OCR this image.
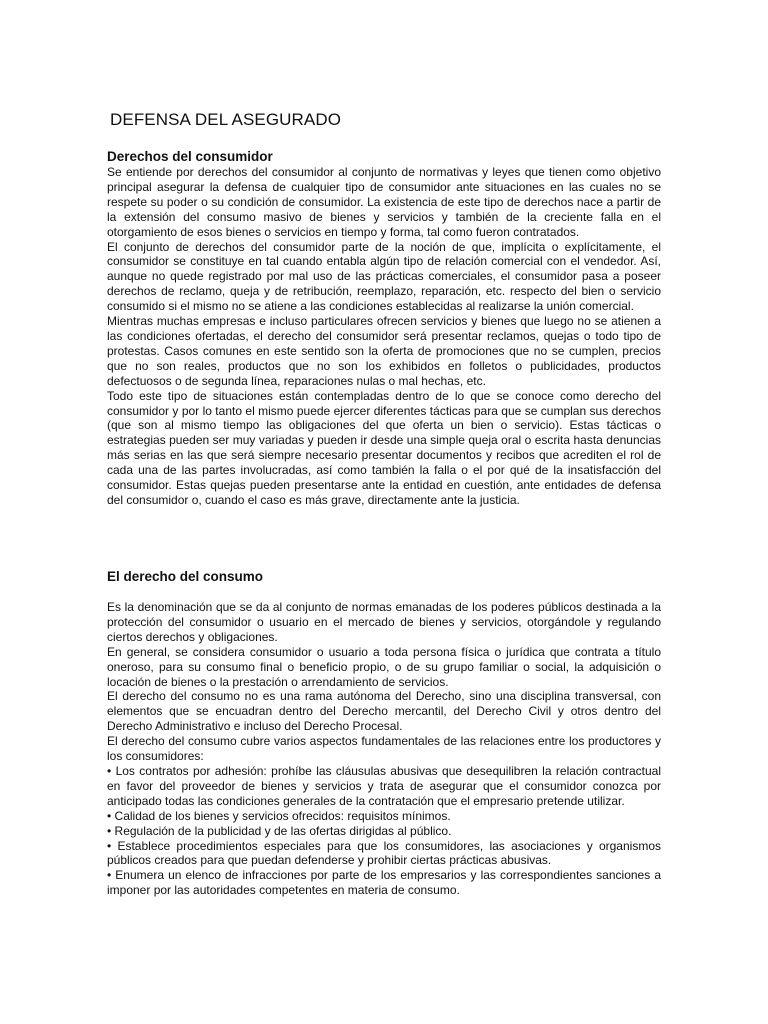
DEFENSA DEL ASEGURADO
Derechos del consumidor

Se entiende por derechos del consumidor al conjunto de normativas y leyes que tienen como objetivo principal asegurar la defensa de cualquier tipo de consumidor ante situaciones en las cuales no se respete su poder o su condición de consumidor. La existencia de este tipo de derechos nace a partir de la extensión del consumo masivo de bienes y servicios y también de la creciente falla en el otorgamiento de esos bienes o servicios en tiempo y forma, tal como fueron contratados.

El conjunto de derechos del consumidor parte de la noción de que, implícita o explícitamente, el consumidor se constituye en tal cuando entabla algún tipo de relación comercial con el vendedor. Así, aunque no quede registrado por mal uso de las prácticas comerciales, el consumidor pasa a poseer derechos de reclamo, queja y de retribución, reemplazo, reparación, etc. respecto del bien o servicio consumido si el mismo no se atiene a las condiciones establecidas al realizarse la unión comercial.

Mientras muchas empresas e incluso particulares ofrecen servicios y bienes que luego no se atienen a las condiciones ofertadas, el derecho del consumidor será presentar reclamos, quejas o todo tipo de protestas. Casos comunes en este sentido son la oferta de promociones que no se cumplen, precios que no son reales, productos que no son los exhibidos en folletos o publicidades, productos defectuosos o de segunda línea, reparaciones nulas o mal hechas, etc.

Todo este tipo de situaciones están contempladas dentro de lo que se conoce como derecho del consumidor y por lo tanto el mismo puede ejercer diferentes tácticas para que se cumplan sus derechos (que son al mismo tiempo las obligaciones del que oferta un bien o servicio). Estas tácticas o estrategias pueden ser muy variadas y pueden ir desde una simple queja oral o escrita hasta denuncias más serias en las que será siempre necesario presentar documentos y recibos que acrediten el rol de cada una de las partes involucradas, así como también la falla o el por qué de la insatisfacción del consumidor. Estas quejas pueden presentarse ante la entidad en cuestión, ante entidades de defensa del consumidor o, cuando el caso es más grave, directamente ante la justicia.

El derecho del consumo

Es la denominación que se da al conjunto de normas emanadas de los poderes públicos destinada a la protección del consumidor o usuario en el mercado de bienes y servicios, otorgándole y regulando ciertos derechos y obligaciones.

En general, se considera consumidor o usuario a toda persona física o jurídica que contrata a título oneroso, para su consumo final o beneficio propio, o de su grupo familiar o social, la adquisición o locación de bienes o la prestación o arrendamiento de servicios.

El derecho del consumo no es una rama autónoma del Derecho, sino una disciplina transversal, con elementos que se encuadran dentro del Derecho mercantil, del Derecho Civil y otros dentro del Derecho Administrativo e incluso del Derecho Procesal.

El derecho del consumo cubre varios aspectos fundamentales de las relaciones entre los productores y los consumidores:

• Los contratos por adhesión: prohíbe las cláusulas abusivas que desequilibren la relación contractual en favor del proveedor de bienes y servicios y trata de asegurar que el consumidor conozca por anticipado todas las condiciones generales de la contratación que el empresario pretende utilizar.

• Calidad de los bienes y servicios ofrecidos: requisitos mínimos.

• Regulación de la publicidad y de las ofertas dirigidas al público.

• Establece procedimientos especiales para que los consumidores, las asociaciones y organismos públicos creados para que puedan defenderse y prohibir ciertas prácticas abusivas.

• Enumera un elenco de infracciones por parte de los empresarios y las correspondientes sanciones a imponer por las autoridades competentes en materia de consumo.
